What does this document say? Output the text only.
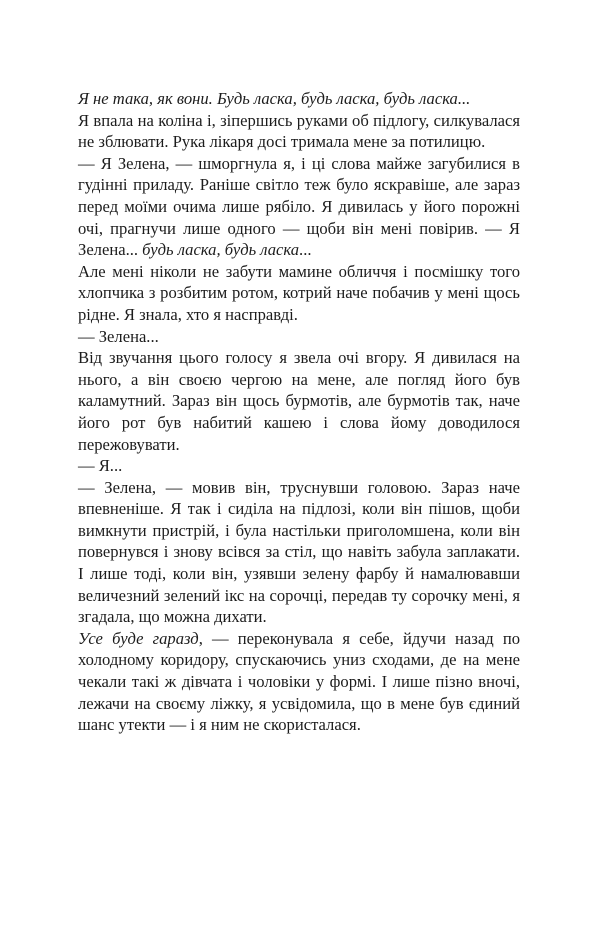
Я не така, як вони. Будь ласка, будь ласка, будь ласка...

Я впала на коліна і, зіпершись руками об підлогу, силкувалася не зблювати. Рука лікаря досі тримала мене за потилицю.

— Я Зелена, — шморгнула я, і ці слова майже загубилися в гудінні приладу. Раніше світло теж було яскравіше, але зараз перед моїми очима лише рябіло. Я дивилась у його порожні очі, прагнучи лише одного — щоби він мені повірив. — Я Зелена... будь ласка, будь ласка...

Але мені ніколи не забути мамине обличчя і посмішку того хлопчика з розбитим ротом, котрий наче побачив у мені щось рідне. Я знала, хто я насправді.

— Зелена...

Від звучання цього голосу я звела очі вгору. Я дивилася на нього, а він своєю чергою на мене, але погляд його був каламутний. Зараз він щось бурмотів, але бурмотів так, наче його рот був набитий кашею і слова йому доводилося пережовувати.

— Я...

— Зелена, — мовив він, труснувши головою. Зараз наче впевненіше. Я так і сиділа на підлозі, коли він пішов, щоби вимкнути пристрій, і була настільки приголомшена, коли він повернувся і знову всівся за стіл, що навіть забула заплакати. І лише тоді, коли він, узявши зелену фарбу й намалювавши величезний зелений ікс на сорочці, передав ту сорочку мені, я згадала, що можна дихати.

Усе буде гаразд, — переконувала я себе, йдучи назад по холодному коридору, спускаючись униз сходами, де на мене чекали такі ж дівчата і чоловіки у формі. І лише пізно вночі, лежачи на своєму ліжку, я усвідомила, що в мене був єдиний шанс утекти — і я ним не скористалася.
